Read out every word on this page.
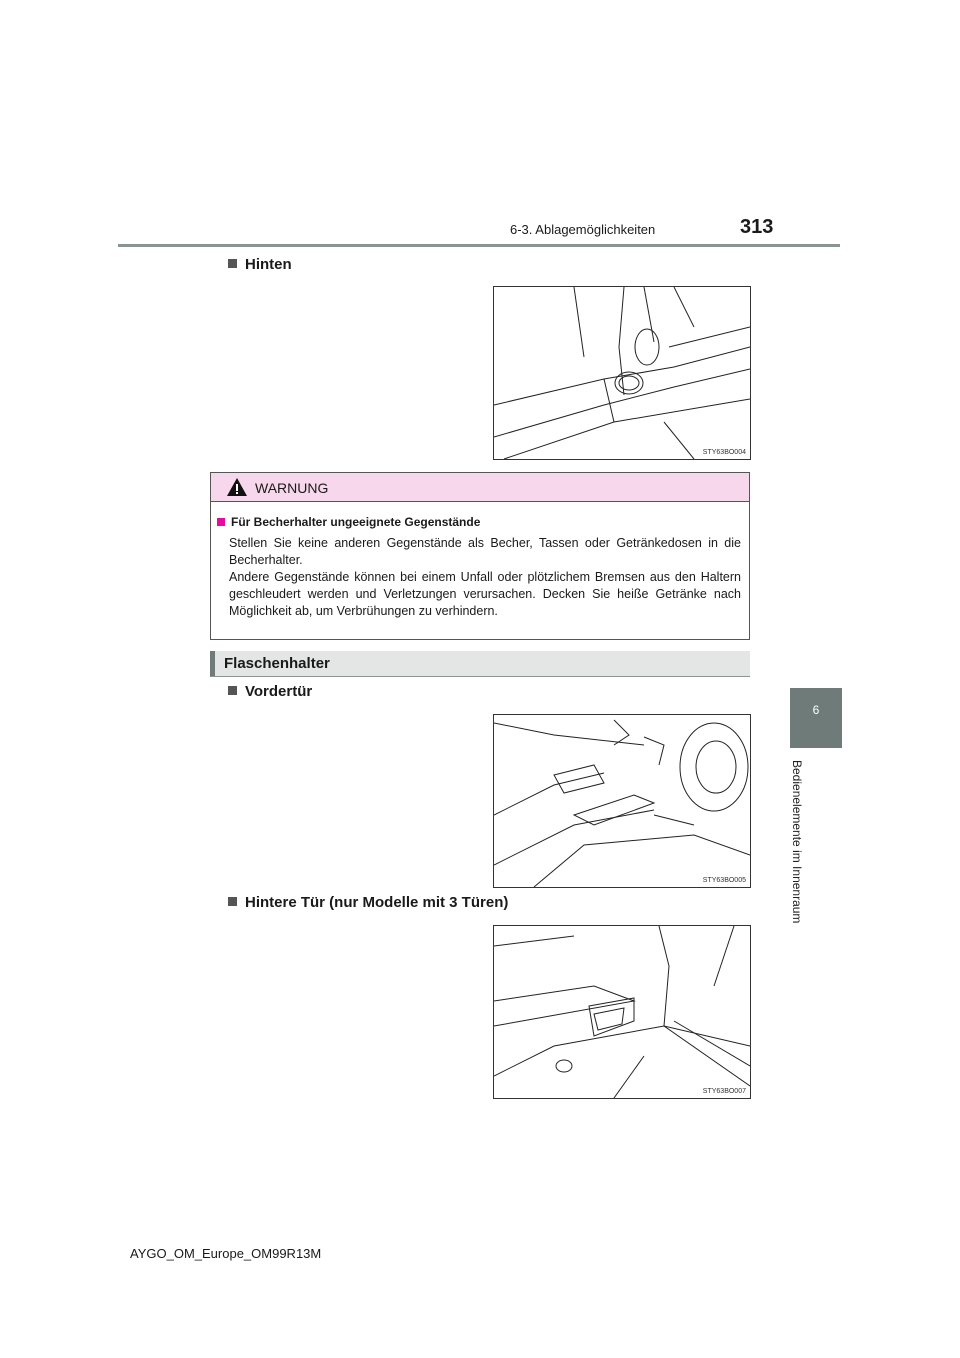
6-3. Ablagemöglichkeiten	313
6
Bedienelemente im Innenraum
Hinten
STY63BO004
WARNUNG
Für Becherhalter ungeeignete Gegenstände

Stellen Sie keine anderen Gegenstände als Becher, Tassen oder Getränkedosen in die Becherhalter.

Andere Gegenstände können bei einem Unfall oder plötzlichem Bremsen aus den Haltern geschleudert werden und Verletzungen verursachen. Decken Sie heiße Getränke nach Möglichkeit ab, um Verbrühungen zu verhindern.

Flaschenhalter
Vordertür
STY63BO005
Hintere Tür (nur Modelle mit 3 Türen)
STY63BO007
AYGO_OM_Europe_OM99R13M
